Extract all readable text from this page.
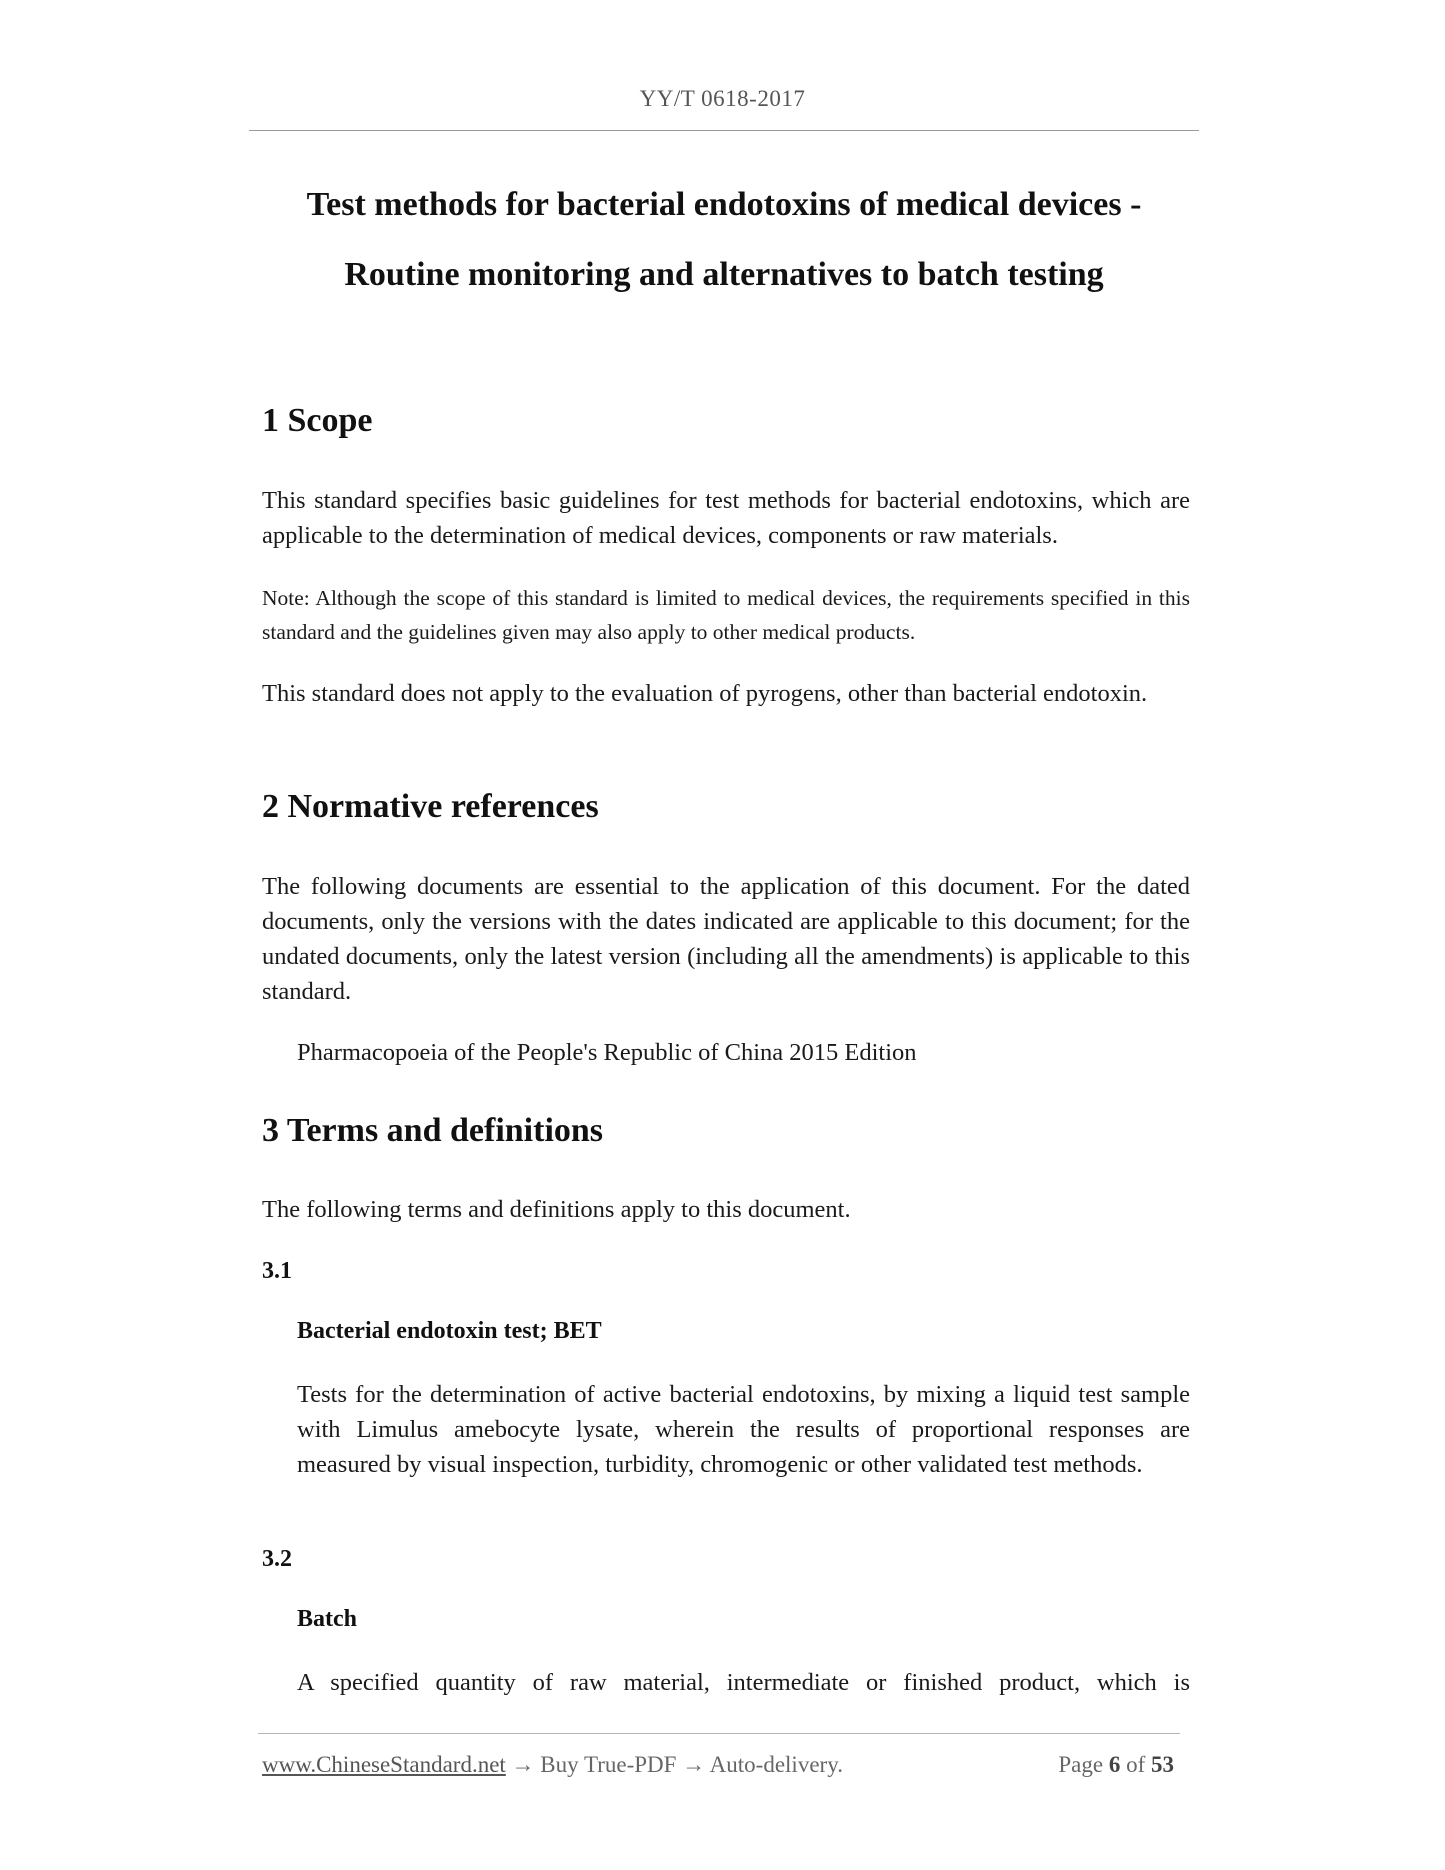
YY/T 0618-2017
Test methods for bacterial endotoxins of medical devices -
Routine monitoring and alternatives to batch testing
1 Scope
This standard specifies basic guidelines for test methods for bacterial endotoxins, which are applicable to the determination of medical devices, components or raw materials.
Note: Although the scope of this standard is limited to medical devices, the requirements specified in this standard and the guidelines given may also apply to other medical products.
This standard does not apply to the evaluation of pyrogens, other than bacterial endotoxin.
2 Normative references
The following documents are essential to the application of this document. For the dated documents, only the versions with the dates indicated are applicable to this document; for the undated documents, only the latest version (including all the amendments) is applicable to this standard.
Pharmacopoeia of the People's Republic of China 2015 Edition
3 Terms and definitions
The following terms and definitions apply to this document.
3.1
Bacterial endotoxin test; BET
Tests for the determination of active bacterial endotoxins, by mixing a liquid test sample with Limulus amebocyte lysate, wherein the results of proportional responses are measured by visual inspection, turbidity, chromogenic or other validated test methods.
3.2
Batch
A specified quantity of raw material, intermediate or finished product, which is
www.ChineseStandard.net → Buy True-PDF → Auto-delivery.	Page 6 of 53
